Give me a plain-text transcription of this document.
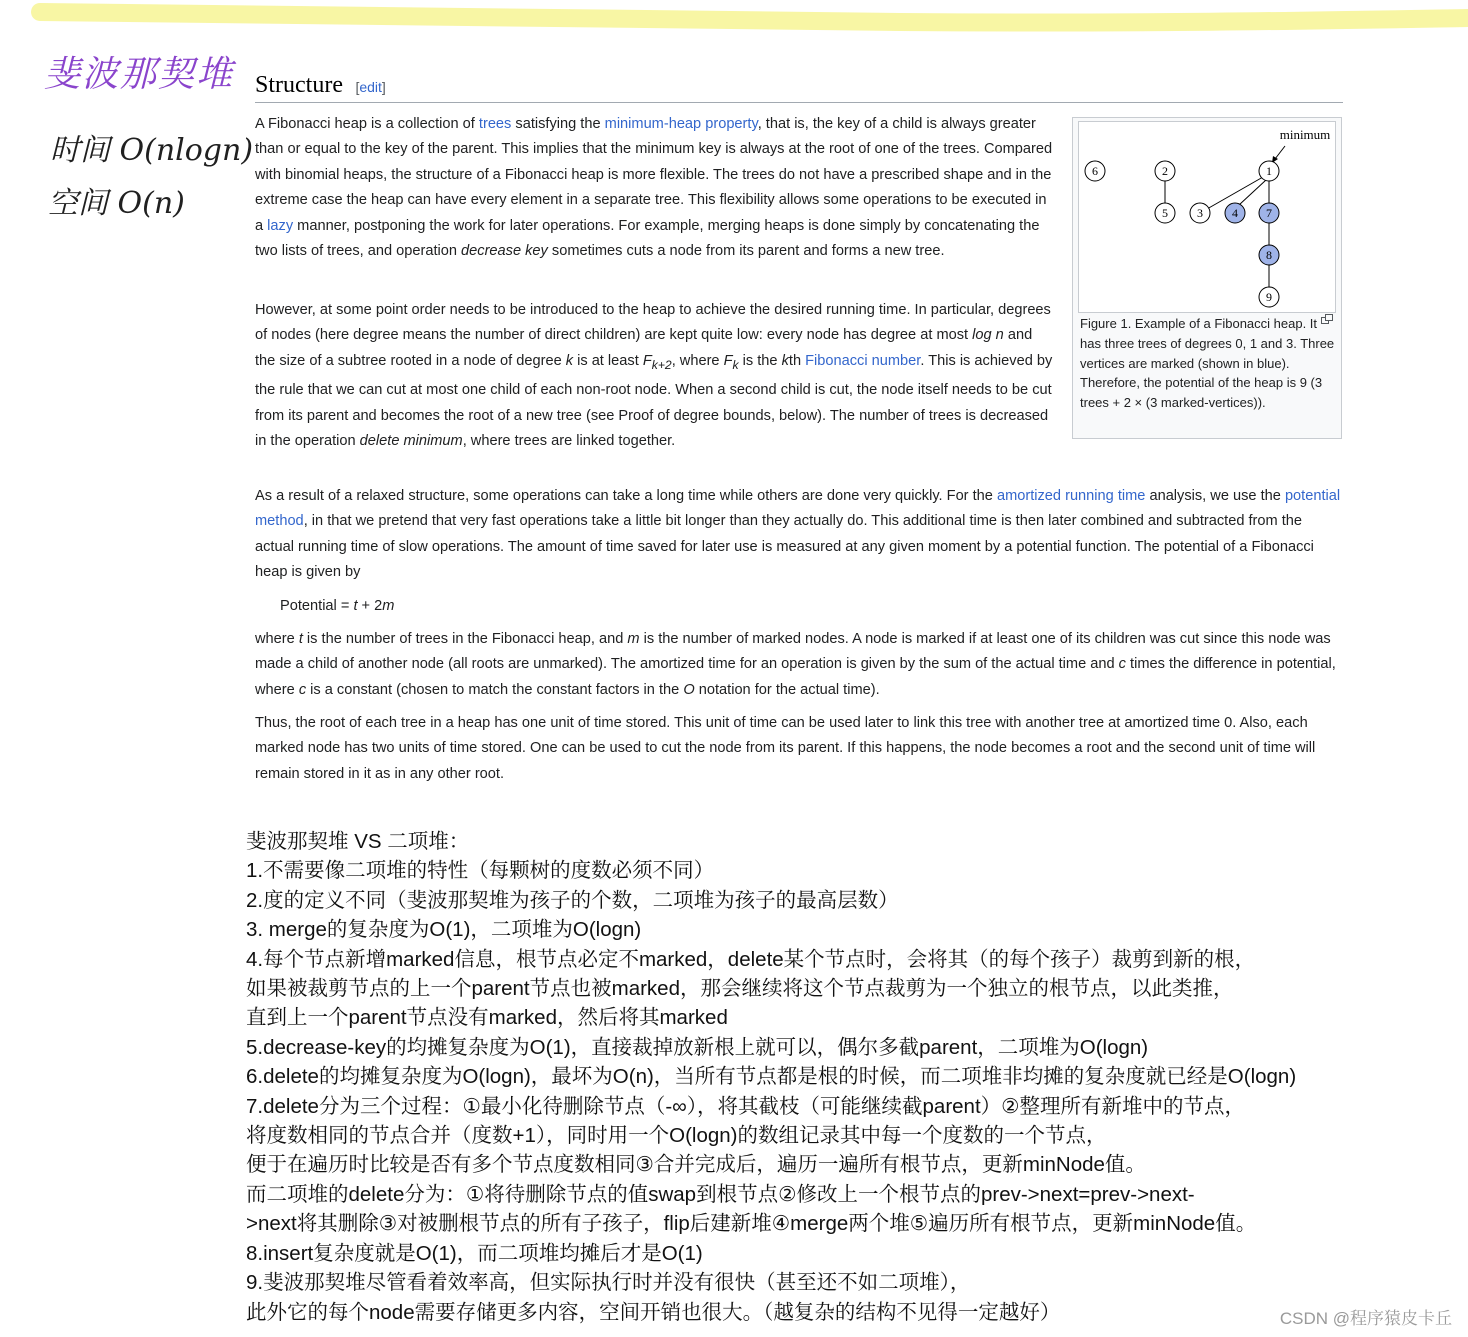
斐波那契堆
时间 O(nlogn)
空间 O(n)
Structure [edit]

A Fibonacci heap is a collection of trees satisfying the minimum-heap property, that is, the key of a child is always greater than or equal to the key of the parent. This implies that the minimum key is always at the root of one of the trees. Compared with binomial heaps, the structure of a Fibonacci heap is more flexible. The trees do not have a prescribed shape and in the extreme case the heap can have every element in a separate tree. This flexibility allows some operations to be executed in a lazy manner, postponing the work for later operations. For example, merging heaps is done simply by concatenating the two lists of trees, and operation decrease key sometimes cuts a node from its parent and forms a new tree.

However, at some point order needs to be introduced to the heap to achieve the desired running time. In particular, degrees of nodes (here degree means the number of direct children) are kept quite low: every node has degree at most log n and the size of a subtree rooted in a node of degree k is at least $F_{k+2}$, where $F_k$ is the kth Fibonacci number. This is achieved by the rule that we can cut at most one child of each non-root node. When a second child is cut, the node itself needs to be cut from its parent and becomes the root of a new tree (see Proof of degree bounds, below). The number of trees is decreased in the operation delete minimum, where trees are linked together.

As a result of a relaxed structure, some operations can take a long time while others are done very quickly. For the amortized running time analysis, we use the potential method, in that we pretend that very fast operations take a little bit longer than they actually do. This additional time is then later combined and subtracted from the actual running time of slow operations. The amount of time saved for later use is measured at any given moment by a potential function. The potential of a Fibonacci heap is given by

Potential = t + 2m

where t is the number of trees in the Fibonacci heap, and m is the number of marked nodes. A node is marked if at least one of its children was cut since this node was made a child of another node (all roots are unmarked). The amortized time for an operation is given by the sum of the actual time and c times the difference in potential, where c is a constant (chosen to match the constant factors in the O notation for the actual time).

Thus, the root of each tree in a heap has one unit of time stored. This unit of time can be used later to link this tree with another tree at amortized time 0. Also, each marked node has two units of time stored. One can be used to cut the node from its parent. If this happens, the node becomes a root and the second unit of time will remain stored in it as in any other root.

minimum
6	2
5
1
3 4 7
8
9
Figure 1. Example of a Fibonacci heap. It has three trees of degrees 0, 1 and 3. Three vertices are marked (shown in blue). Therefore, the potential of the heap is 9 (3 trees + 2 × (3 marked-vertices)).
斐波那契堆 VS 二项堆：
1.不需要像二项堆的特性（每颗树的度数必须不同）
2.度的定义不同（斐波那契堆为孩子的个数，二项堆为孩子的最高层数）
3. merge的复杂度为O(1)，二项堆为O(logn)
4.每个节点新增marked信息，根节点必定不marked，delete某个节点时，会将其（的每个孩子）裁剪到新的根，
如果被裁剪节点的上一个parent节点也被marked，那会继续将这个节点裁剪为一个独立的根节点，以此类推，
直到上一个parent节点没有marked，然后将其marked
5.decrease-key的均摊复杂度为O(1)，直接裁掉放新根上就可以，偶尔多截parent，二项堆为O(logn)
6.delete的均摊复杂度为O(logn)，最坏为O(n)，当所有节点都是根的时候，而二项堆非均摊的复杂度就已经是O(logn)
7.delete分为三个过程：①最小化待删除节点（-∞），将其截枝（可能继续截parent）②整理所有新堆中的节点，
将度数相同的节点合并（度数+1），同时用一个O(logn)的数组记录其中每一个度数的一个节点，
便于在遍历时比较是否有多个节点度数相同③合并完成后，遍历一遍所有根节点，更新minNode值。
而二项堆的delete分为：①将待删除节点的值swap到根节点②修改上一个根节点的prev->next=prev->next-
>next将其删除③对被删根节点的所有子孩子，flip后建新堆④merge两个堆⑤遍历所有根节点，更新minNode值。
8.insert复杂度就是O(1)，而二项堆均摊后才是O(1)
9.斐波那契堆尽管看着效率高，但实际执行时并没有很快（甚至还不如二项堆），
此外它的每个node需要存储更多内容，空间开销也很大。（越复杂的结构不见得一定越好）	CSDN @程序猿皮卡丘
